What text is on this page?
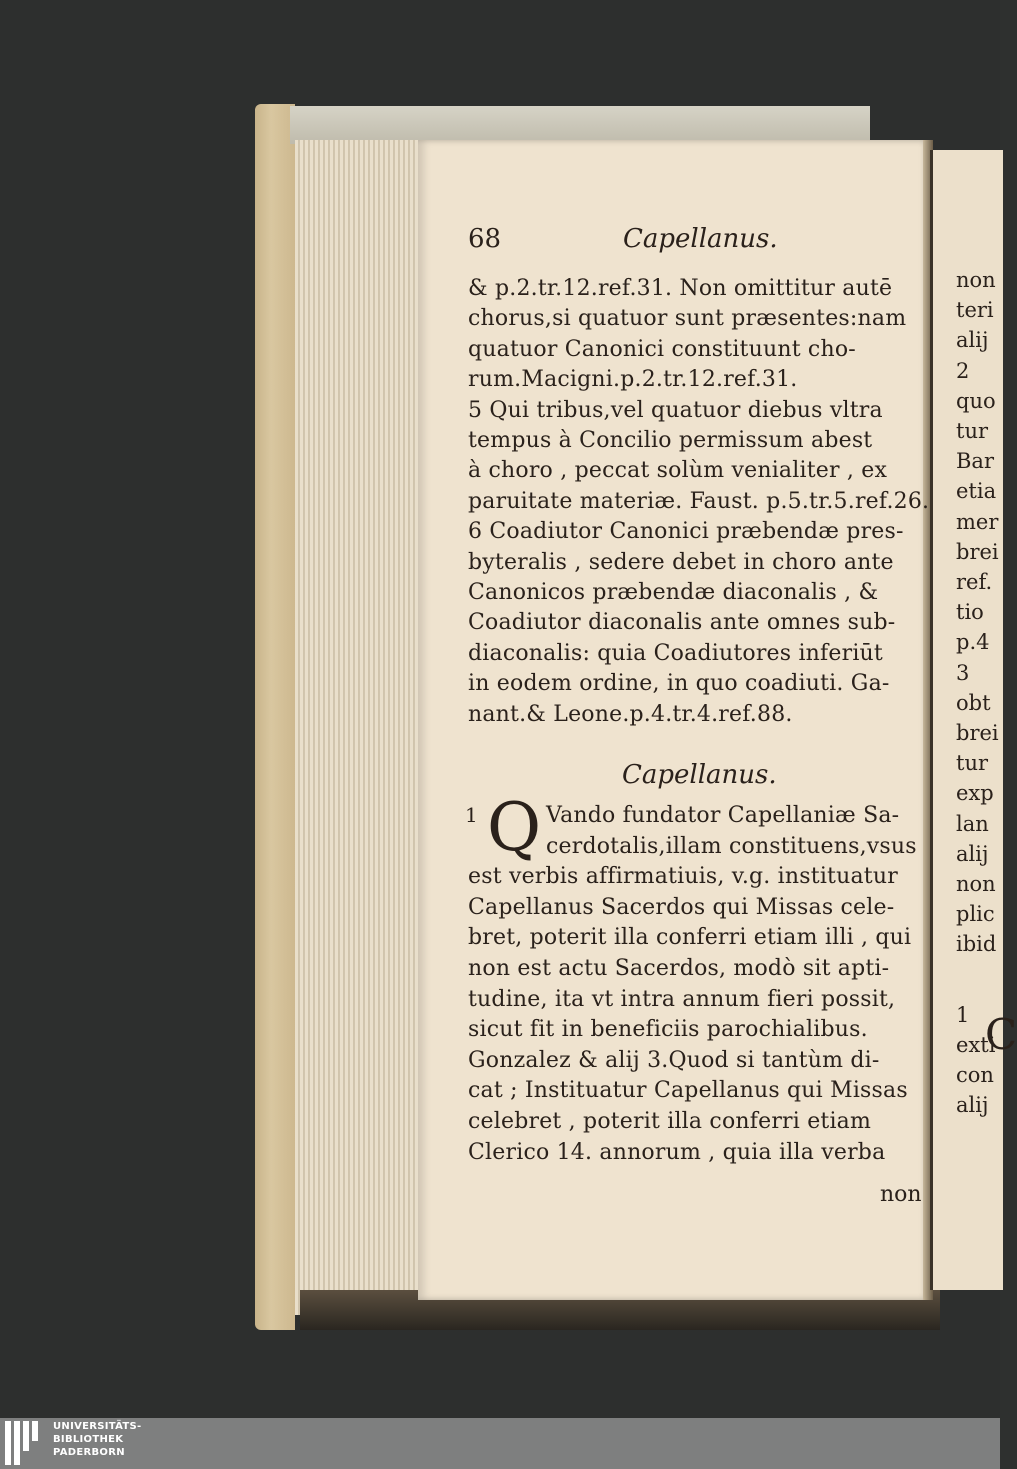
non
teri
alij
2
quo
tur
Bar
etia
mer
brei
ref.
tio
p.4
3
obt
brei
tur
exp
lan
alij
non
plic
ibid
1
exti
con
alij
C
68	Capellanus.
& p.2.tr.12.ref.31. Non omittitur autē
chorus,si quatuor sunt præsentes:nam
quatuor Canonici constituunt cho-
rum.Macigni.p.2.tr.12.ref.31.
5 Qui tribus,vel quatuor diebus vltra
tempus à Concilio permissum abest
à choro , peccat solùm venialiter , ex
paruitate materiæ. Faust. p.5.tr.5.ref.26.
6 Coadiutor Canonici præbendæ pres-
byteralis , sedere debet in choro ante
Canonicos præbendæ diaconalis , &
Coadiutor diaconalis ante omnes sub-
diaconalis: quia Coadiutores inferiūt
in eodem ordine, in quo coadiuti. Ga-
nant.& Leone.p.4.tr.4.ref.88.
Capellanus.
1 Q Vando fundator Capellaniæ Sa-
cerdotalis,illam constituens,vsus
est verbis affirmatiuis, v.g. instituatur
Capellanus Sacerdos qui Missas cele-
bret, poterit illa conferri etiam illi , qui
non est actu Sacerdos, modò sit apti-
tudine, ita vt intra annum fieri possit,
sicut fit in beneficiis parochialibus.
Gonzalez & alij 3.Quod si tantùm di-
cat ; Instituatur Capellanus qui Missas
celebret , poterit illa conferri etiam
Clerico 14. annorum , quia illa verba
non
UNIVERSITÄTS-
BIBLIOTHEK
PADERBORN
